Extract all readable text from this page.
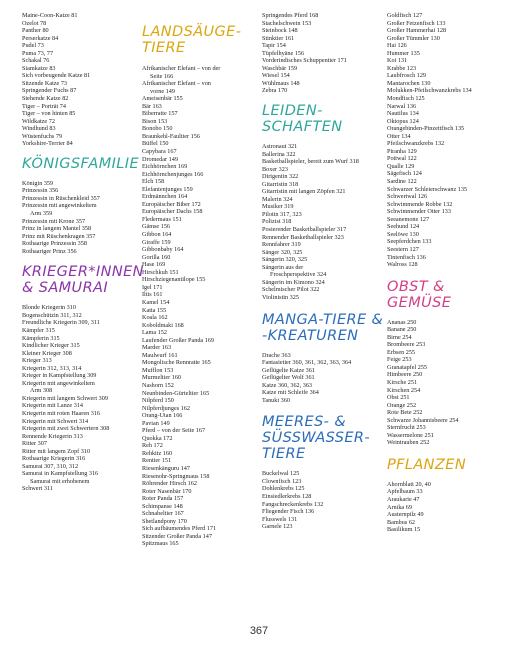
Maine-Coon-Katze 81
Ozelot 78
Panther 80
Perserkatze 84
Pudel 73
Puma 73, 77
Schakal 76
Siamkatze 83
Sich vorbeugende Katze 81
Sitzende Katze 73
Springender Fuchs 87
Stehende Katze 82
Tiger – Porträt 74
Tiger – von hinten 85
Wildkatze 72
Windhund 83
Wüstenfuchs 79
Yorkshire-Terrier 84
KÖNIGSFAMILIE
Königin 359
Prinzessin 356
Prinzessin in Rüschenkleid 357
Prinzessin mit angewinkeltem
Arm 359
Prinzessin mit Krone 357
Prinz in langem Mantel 358
Prinz mit Rüschenkragen 357
Rothaarige Prinzessin 358
Rothaariger Prinz 356
KRIEGER*INNEN
& SAMURAI
Blonde Kriegerin 310
Bogenschützin 311, 312
Freundliche Kriegerin 309, 311
Kämpfer 315
Kämpferin 315
Kindlicher Krieger 315
Kleiner Krieger 308
Krieger 313
Kriegerin 312, 313, 314
Krieger in Kampfstellung 309
Kriegerin mit angewinkeltem
Arm 308
Kriegerin mit langem Schwert 309
Kriegerin mit Lanze 314
Kriegerin mit roten Haaren 316
Kriegerin mit Schwert 314
Kriegerin mit zwei Schwertern 308
Rennende Kriegerin 313
Ritter 307
Ritter mit langem Zopf 310
Rothaarige Kriegerin 316
Samurai 307, 310, 312
Samurai in Kampfstellung 316
Samurai mit erhobenem
Schwert 311
LANDSÄUGE-
TIERE
Afrikanischer Elefant – von der
Seite 166
Afrikanischer Elefant – von
vorne 149
Ameisenbär 155
Bär 163
Biberratte 157
Bison 153
Bonobo 150
Braunkehl-Faultier 156
Büffel 150
Capybara 167
Dromedar 149
Eichhörnchen 169
Eichhörnchenjunges 166
Elch 158
Elefantenjunges 159
Erdmännchen 164
Europäischer Biber 172
Europäischer Dachs 158
Fledermaus 151
Gämse 156
Gibbon 164
Giraffe 159
Gibbonbaby 164
Gorilla 160
Hase 169
Hirschkuh 151
Hirschziegenantilope 155
Igel 171
Iltis 161
Kamel 154
Katta 155
Koala 162
Koboldmaki 168
Lama 152
Laufender Großer Panda 169
Marder 163
Maulwurf 161
Mongolische Rennratte 165
Mufflon 153
Murmeltier 160
Nashorn 152
Neunbinden-Gürteltier 165
Nilpferd 150
Nilpferdjunges 162
Orang-Utan 166
Pavian 149
Pferd – von der Seite 167
Quokka 172
Reh 172
Rehkitz 160
Rentier 151
Riesenkänguru 147
Riesenohr-Springmaus 158
Röhrender Hirsch 162
Roter Nasenbär 170
Roter Panda 157
Schimpanse 148
Schnabeltier 167
Shetlandpony 170
Sich aufbäumendes Pferd 171
Sitzender Großer Panda 147
Spitzmaus 165
Springendes Pferd 168
Stachelschwein 153
Steinbock 148
Stinktier 161
Tapir 154
Tüpfelhyäne 156
Vorderindisches Schuppentier 171
Waschbär 159
Wiesel 154
Wühlmaus 148
Zebra 170
LEIDEN-
SCHAFTEN
Astronaut 321
Ballerina 322
Basketballspieler, bereit zum Wurf 318
Boxer 323
Dirigentin 322
Gitarristin 318
Gitarristin mit langen Zöpfen 321
Malerin 324
Musiker 319
Pilotin 317, 323
Polizist 318
Posierender Basketballspieler 317
Rennender Basketballspieler 323
Rennfahrer 319
Sänger 320, 325
Sängerin 320, 325
Sängerin aus der
Froschperspektive 324
Sängerin im Kimono 324
Schelmischer Pilot 322
Violinistin 325
MANGA-TIERE &
-KREATUREN
Drache 363
Fantasietier 360, 361, 362, 363, 364
Geflügelte Katze 361
Geflügelter Wolf 361
Katze 360, 362, 363
Katze mit Schleife 364
Tanuki 360
MEERES- &
SÜSSWASSER-
TIERE
Buckelwal 125
Clownfisch 123
Dohlenkrebs 125
Einsiedlerkrebs 128
Fangschreckenkrebs 132
Fliegender Fisch 136
Flusswels 131
Garnele 123
Goldfisch 127
Großer Fetzenfisch 133
Großer Hammerhai 128
Großer Tümmler 130
Hai 126
Hummer 135
Koi 131
Krabbe 123
Laubfrosch 129
Mantarochen 130
Molukken-Pfeilschwanzkrebs 134
Mondfisch 125
Narwal 136
Nautilus 134
Oktopus 124
Orangebinden-Pinzettfisch 135
Otter 134
Pfeilschwanzkrebs 132
Piranha 129
Pottwal 122
Qualle 129
Sägefisch 124
Sardine 122
Schwarzer Schleierschwanz 135
Schwertwal 126
Schwimmende Robbe 132
Schwimmender Otter 133
Seeanemone 127
Seehund 124
Seelöwe 130
Seepferdchen 133
Seestern 127
Tintenfisch 136
Walross 128
OBST &
GEMÜSE
Ananas 250
Banane 250
Birne 254
Brombeere 253
Erbsen 255
Feige 253
Granatapfel 255
Himbeere 250
Kirsche 251
Kirschen 254
Obst 251
Orange 252
Rote Bete 252
Schwarze Johannisbeere 254
Sternfrucht 253
Wassermelone 251
Weintrauben 252
PFLANZEN
Ahornblatt 20, 40
Apfelbaum 33
Araukarie 47
Arnika 69
Austernpilz 49
Bambus 62
Basilikum 15
367
